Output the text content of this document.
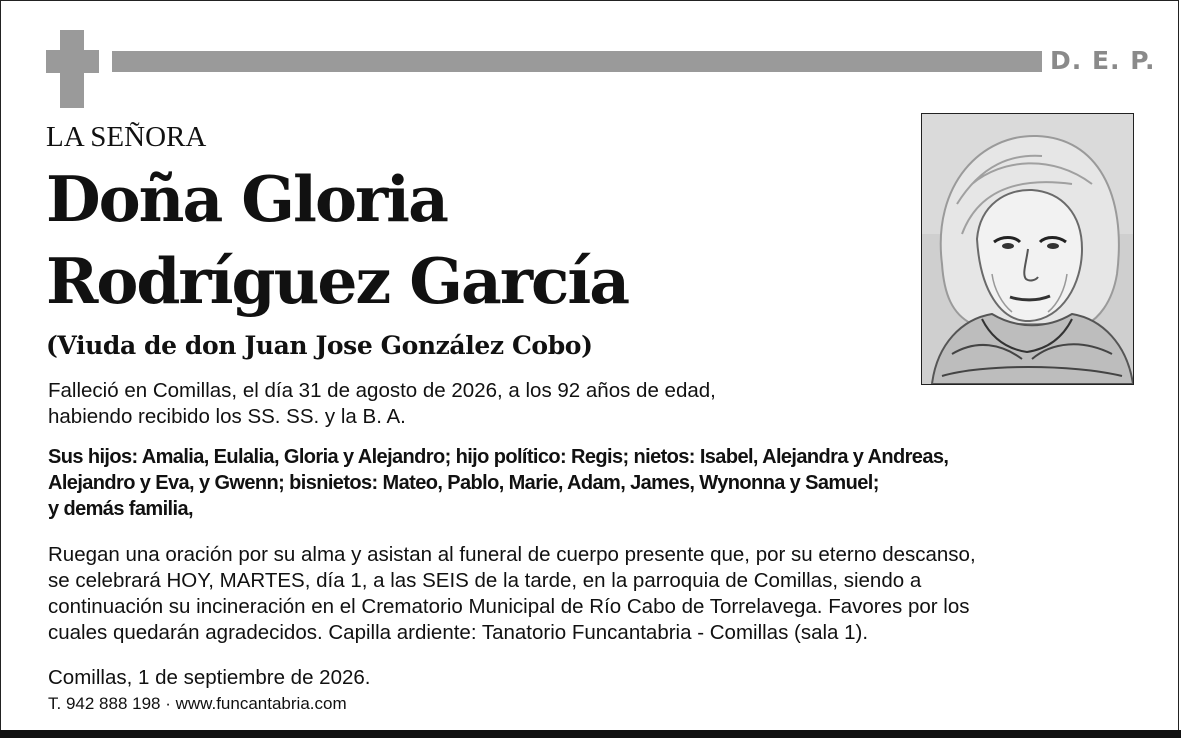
D. E. P.
LA SEÑORA
Doña Gloria
Rodríguez García
(Viuda de don Juan Jose González Cobo)
Falleció en Comillas, el día 31 de agosto de 2026, a los 92 años de edad,
habiendo recibido los SS. SS. y la B. A.
Sus hijos: Amalia, Eulalia, Gloria y Alejandro; hijo político: Regis; nietos: Isabel, Alejandra y Andreas,
Alejandro y Eva, y Gwenn; bisnietos: Mateo, Pablo, Marie, Adam, James, Wynonna y Samuel;
y demás familia,
Ruegan una oración por su alma y asistan al funeral de cuerpo presente que, por su eterno descanso,
se celebrará HOY, MARTES, día 1, a las SEIS de la tarde, en la parroquia de Comillas, siendo a
continuación su incineración en el Crematorio Municipal de Río Cabo de Torrelavega. Favores por los
cuales quedarán agradecidos. Capilla ardiente: Tanatorio Funcantabria - Comillas (sala 1).
Comillas, 1 de septiembre de 2026.
T. 942 888 198 · www.funcantabria.com
